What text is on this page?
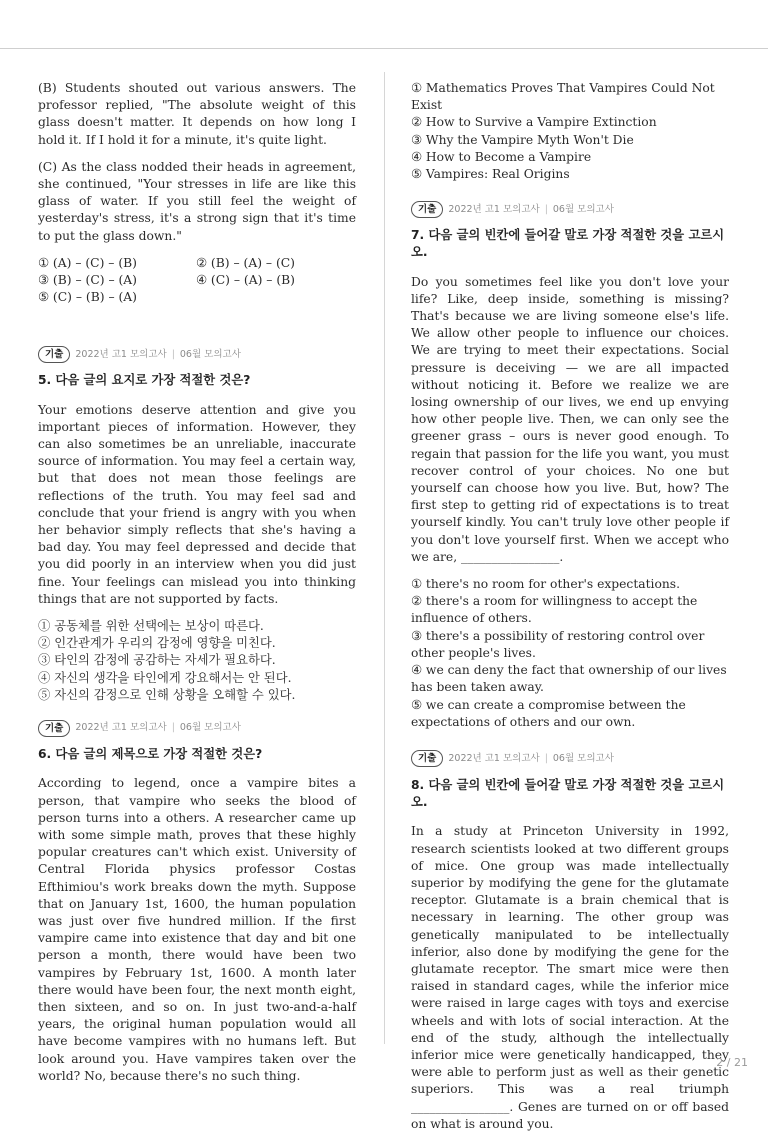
(B) Students shouted out various answers. The professor replied, "The absolute weight of this glass doesn't matter. It depends on how long I hold it. If I hold it for a minute, it's quite light.

(C) As the class nodded their heads in agreement, she continued, "Your stresses in life are like this glass of water. If you still feel the weight of yesterday's stress, it's a strong sign that it's time to put the glass down."

① (A) – (C) – (B)	② (B) – (A) – (C)
③ (B) – (C) – (A)	④ (C) – (A) – (B)
⑤ (C) – (B) – (A)
기출	2022년 고1 모의고사 | 06월 모의고사

5. 다음 글의 요지로 가장 적절한 것은?

Your emotions deserve attention and give you important pieces of information. However, they can also sometimes be an unreliable, inaccurate source of information. You may feel a certain way, but that does not mean those feelings are reflections of the truth. You may feel sad and conclude that your friend is angry with you when her behavior simply reflects that she's having a bad day. You may feel depressed and decide that you did poorly in an interview when you did just fine. Your feelings can mislead you into thinking things that are not supported by facts.

① 공동체를 위한 선택에는 보상이 따른다.

② 인간관계가 우리의 감정에 영향을 미친다.

③ 타인의 감정에 공감하는 자세가 필요하다.

④ 자신의 생각을 타인에게 강요해서는 안 된다.

⑤ 자신의 감정으로 인해 상황을 오해할 수 있다.

기출	2022년 고1 모의고사 | 06월 모의고사

6. 다음 글의 제목으로 가장 적절한 것은?

According to legend, once a vampire bites a person, that vampire who seeks the blood of person turns into a others. A researcher came up with some simple math, proves that these highly popular creatures can't which exist. University of Central Florida physics professor Costas Efthimiou's work breaks down the myth. Suppose that on January 1st, 1600, the human population was just over five hundred million. If the first vampire came into existence that day and bit one person a month, there would have been two vampires by February 1st, 1600. A month later there would have been four, the next month eight, then sixteen, and so on. In just two-and-a-half years, the original human population would all have become vampires with no humans left. But look around you. Have vampires taken over the world? No, because there's no such thing.

① Mathematics Proves That Vampires Could Not Exist

② How to Survive a Vampire Extinction

③ Why the Vampire Myth Won't Die

④ How to Become a Vampire

⑤ Vampires: Real Origins

기출	2022년 고1 모의고사 | 06월 모의고사

7. 다음 글의 빈칸에 들어갈 말로 가장 적절한 것을 고르시오.

Do you sometimes feel like you don't love your life? Like, deep inside, something is missing? That's because we are living someone else's life. We allow other people to influence our choices. We are trying to meet their expectations. Social pressure is deceiving — we are all impacted without noticing it. Before we realize we are losing ownership of our lives, we end up envying how other people live. Then, we can only see the greener grass – ours is never good enough. To regain that passion for the life you want, you must recover control of your choices. No one but yourself can choose how you live. But, how? The first step to getting rid of expectations is to treat yourself kindly. You can't truly love other people if you don't love yourself first. When we accept who we are, ________________.

① there's no room for other's expectations.

② there's a room for willingness to accept the influence of others.

③ there's a possibility of restoring control over other people's lives.

④ we can deny the fact that ownership of our lives has been taken away.

⑤ we can create a compromise between the expectations of others and our own.

기출	2022년 고1 모의고사 | 06월 모의고사

8. 다음 글의 빈칸에 들어갈 말로 가장 적절한 것을 고르시오.

In a study at Princeton University in 1992, research scientists looked at two different groups of mice. One group was made intellectually superior by modifying the gene for the glutamate receptor. Glutamate is a brain chemical that is necessary in learning. The other group was genetically manipulated to be intellectually inferior, also done by modifying the gene for the glutamate receptor. The smart mice were then raised in standard cages, while the inferior mice were raised in large cages with toys and exercise wheels and with lots of social interaction. At the end of the study, although the intellectually inferior mice were genetically handicapped, they were able to perform just as well as their genetic superiors. This was a real triumph ________________. Genes are turned on or off based on what is around you.

2 / 21
